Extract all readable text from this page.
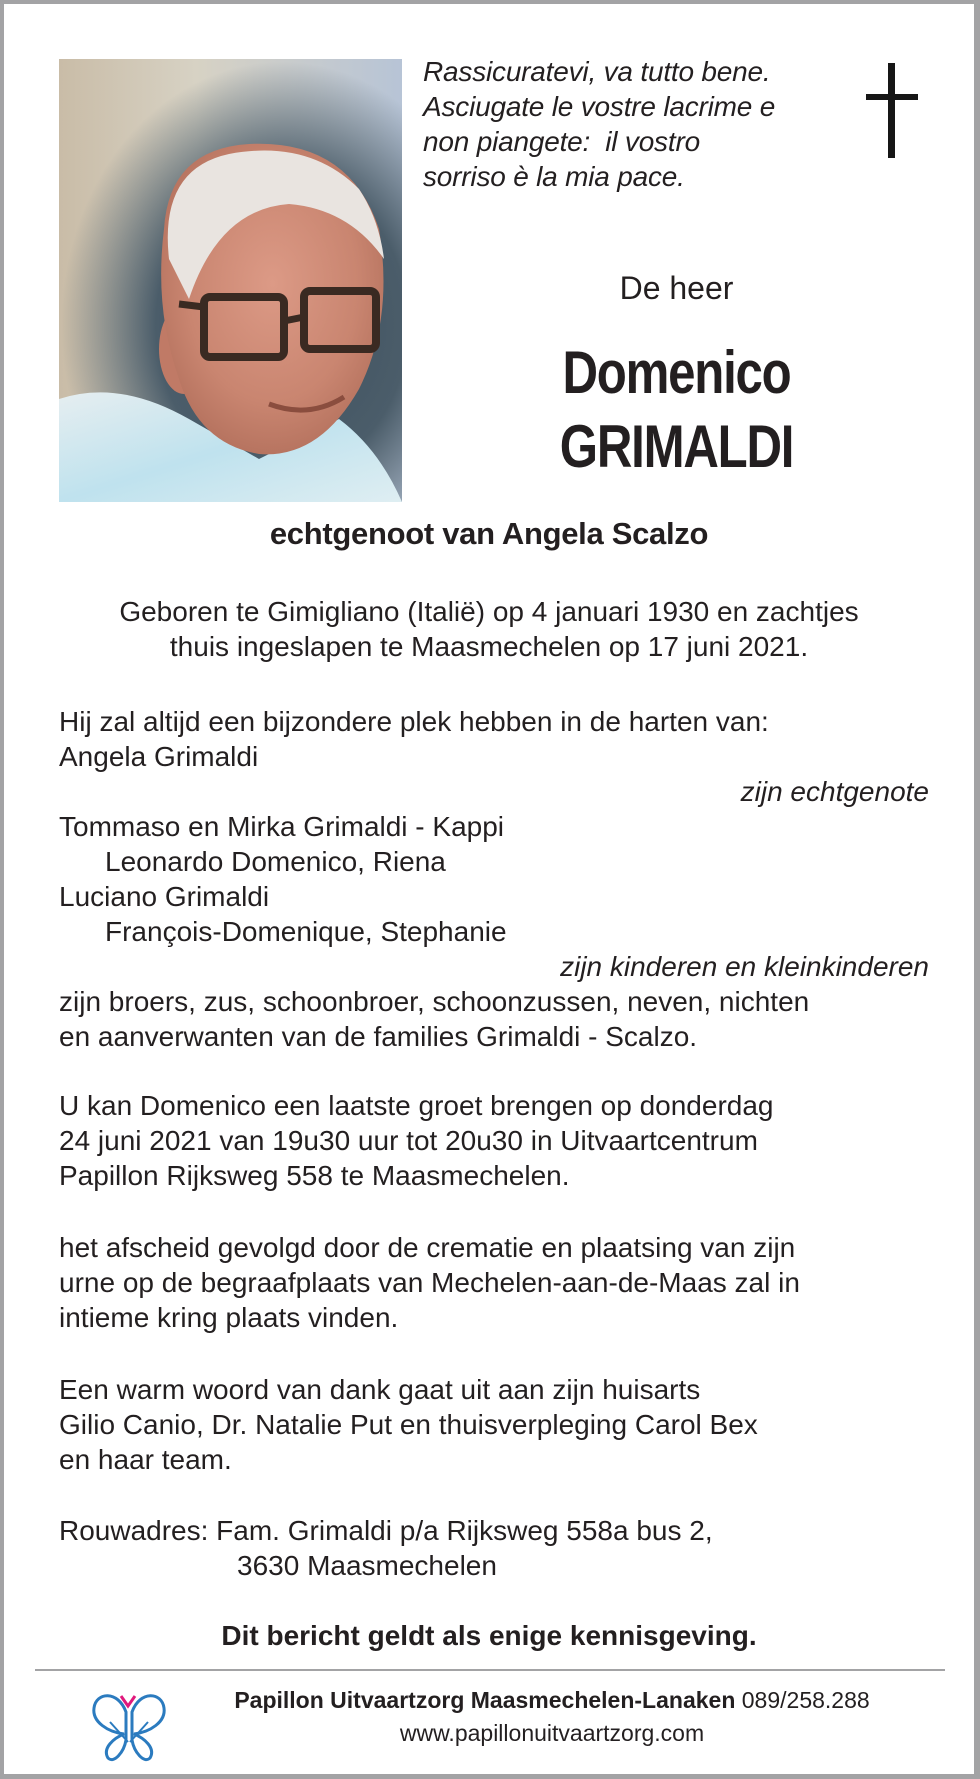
Rassicuratevi, va tutto bene.
Asciugate le vostre lacrime e
non piangete:  il vostro
sorriso è la mia pace.
De heer
Domenico
GRIMALDI
echtgenoot van Angela Scalzo
Geboren te Gimigliano (Italië) op 4 januari 1930 en zachtjes
thuis ingeslapen te Maasmechelen op 17 juni 2021.
Hij zal altijd een bijzondere plek hebben in de harten van:
Angela Grimaldi
zijn echtgenote
Tommaso en Mirka Grimaldi - Kappi
Leonardo Domenico, Riena
Luciano Grimaldi
François-Domenique, Stephanie
zijn kinderen en kleinkinderen
zijn broers, zus, schoonbroer, schoonzussen, neven, nichten
en aanverwanten van de families Grimaldi - Scalzo.
U kan Domenico een laatste groet brengen op donderdag
24 juni 2021 van 19u30 uur tot 20u30 in Uitvaartcentrum
Papillon Rijksweg 558 te Maasmechelen.
het afscheid gevolgd door de crematie en plaatsing van zijn
urne op de begraafplaats van Mechelen-aan-de-Maas zal in
intieme kring plaats vinden.
Een warm woord van dank gaat uit aan zijn huisarts
Gilio Canio, Dr. Natalie Put en thuisverpleging Carol Bex
en haar team.
Rouwadres: Fam. Grimaldi p/a Rijksweg 558a bus 2,
3630 Maasmechelen
Dit bericht geldt als enige kennisgeving.
Papillon Uitvaartzorg Maasmechelen-Lanaken 089/258.288
www.papillonuitvaartzorg.com
